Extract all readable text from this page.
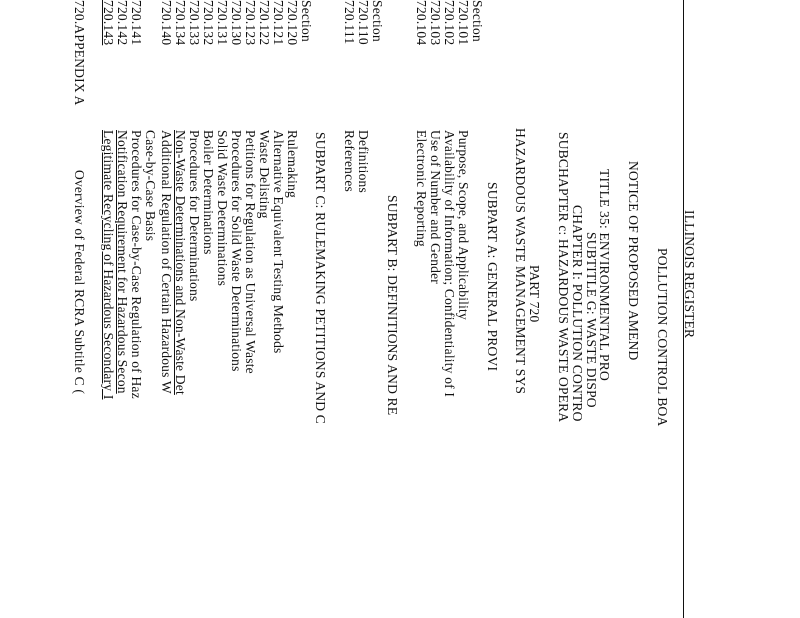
ILLINOIS REGISTER
POLLUTION CONTROL BOA
NOTICE OF PROPOSED AMEND
TITLE 35: ENVIRONMENTAL PRO
SUBTITLE G: WASTE DISPO
CHAPTER I: POLLUTION CONTRO
SUBCHAPTER c: HAZARDOUS WASTE OPERA
PART 720
HAZARDOUS WASTE MANAGEMENT SYS
SUBPART A: GENERAL PROVI
Section
720.101
Purpose, Scope, and Applicability
720.102
Availability of Information; Confidentiality of I
720.103
Use of Number and Gender
720.104
Electronic Reporting
SUBPART B: DEFINITIONS AND RE
Section
720.110
Definitions
720.111
References
SUBPART C: RULEMAKING PETITIONS AND C
Section
720.120
Rulemaking
720.121
Alternative Equivalent Testing Methods
720.122
Waste Delisting
720.123
Petitions for Regulation as Universal Waste
720.130
Procedures for Solid Waste Determinations
720.131
Solid Waste Determinations
720.132
Boiler Determinations
720.133
Procedures for Determinations
720.134
Non-Waste Determinations and Non-Waste Det
720.140
Additional Regulation of Certain Hazardous W
720.141
Case-by-Case Basis
720.142
Procedures for Case-by-Case Regulation of Haz
720.143
Notification Requirement for Hazardous Secon
Legitimate Recycling of Hazardous Secondary I
720.APPENDIX A
Overview of Federal RCRA Subtitle C (
